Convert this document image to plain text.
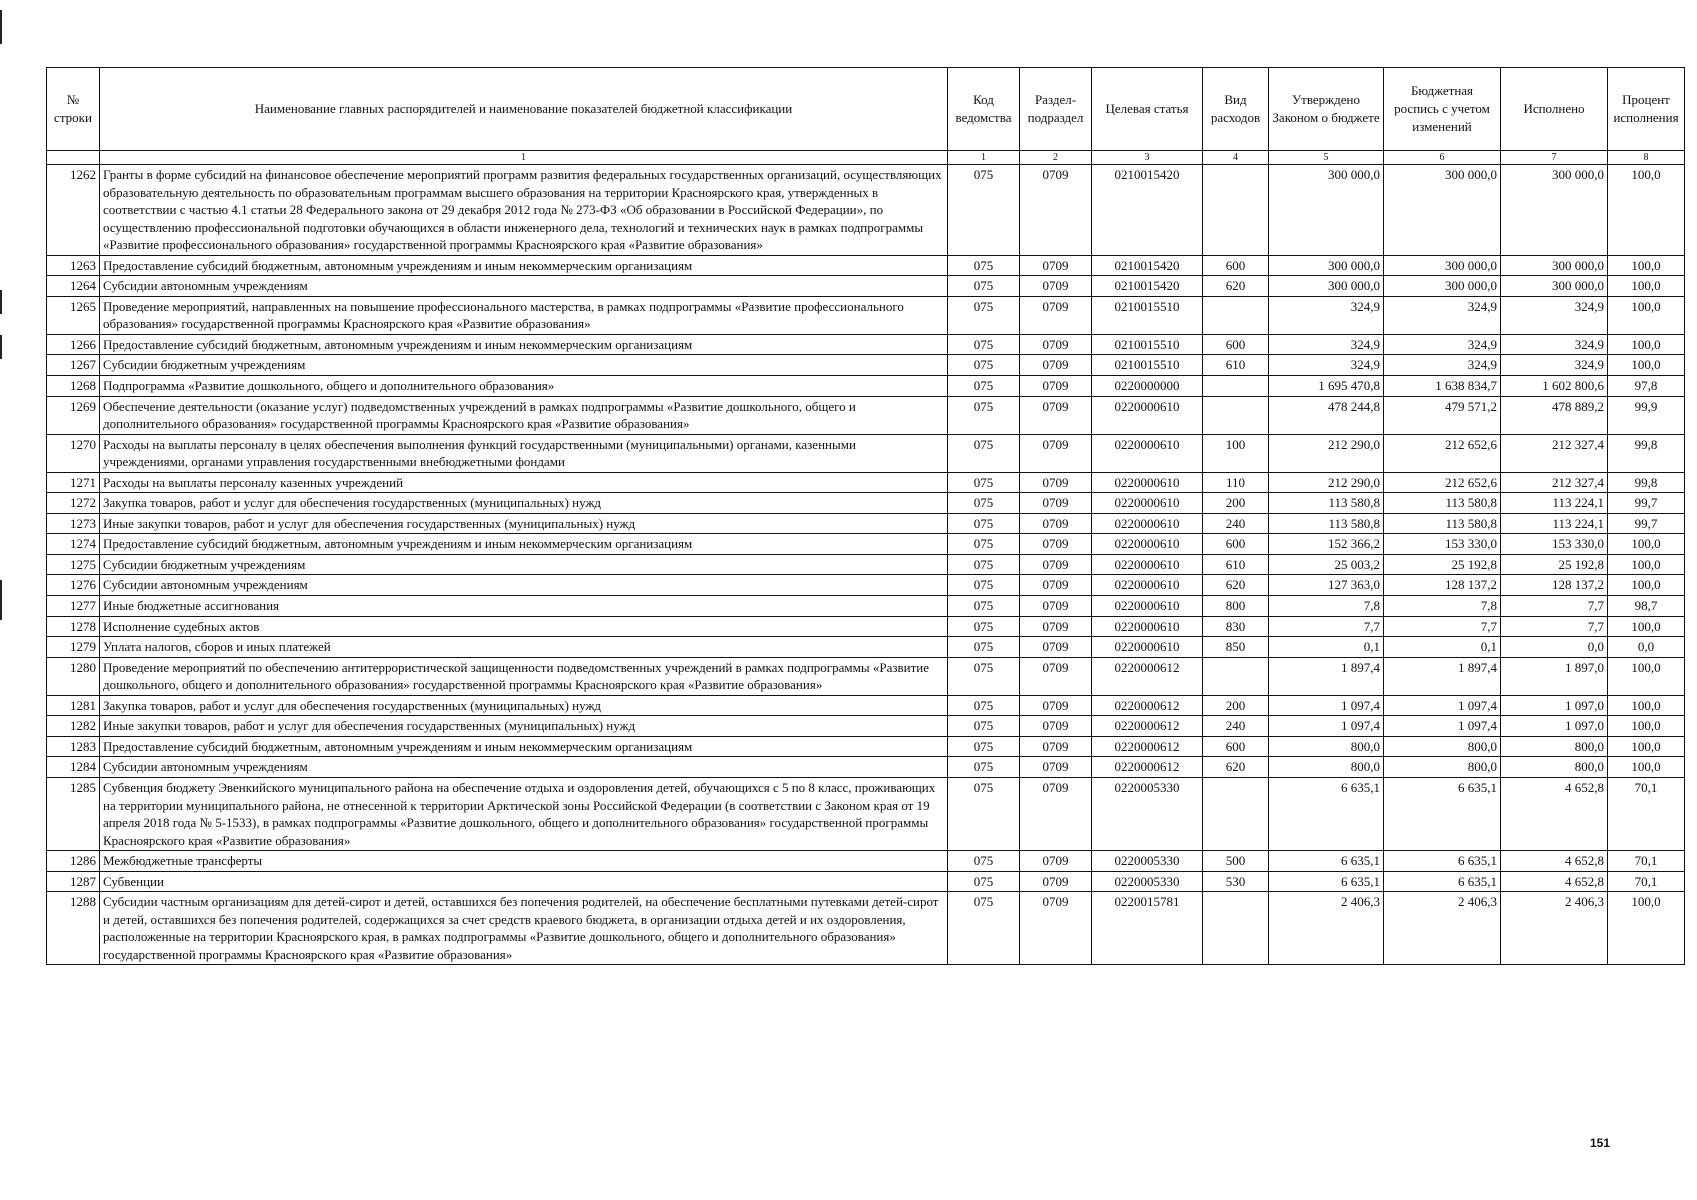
№ строки	Наименование главных распорядителей и наименование показателей бюджетной классификации	Код ведомства	Раздел-подраздел	Целевая статья	Вид расходов	Утверждено Законом о бюджете	Бюджетная роспись с учетом изменений	Исполнено	Процент исполнения
	1	1	2	3	4	5	6	7	8
1262	Гранты в форме субсидий на финансовое обеспечение мероприятий программ развития федеральных государственных организаций, осуществляющих образовательную деятельность по образовательным программам высшего образования на территории Красноярского края, утвержденных в соответствии с частью 4.1 статьи 28 Федерального закона от 29 декабря 2012 года № 273-ФЗ «Об образовании в Российской Федерации», по осуществлению профессиональной подготовки обучающихся в области инженерного дела, технологий и технических наук в рамках подпрограммы «Развитие профессионального образования» государственной программы Красноярского края «Развитие образования»	075	0709	0210015420		300 000,0	300 000,0	300 000,0	100,0
1263	Предоставление субсидий бюджетным, автономным учреждениям и иным некоммерческим организациям	075	0709	0210015420	600	300 000,0	300 000,0	300 000,0	100,0
1264	Субсидии автономным учреждениям	075	0709	0210015420	620	300 000,0	300 000,0	300 000,0	100,0
1265	Проведение мероприятий, направленных на повышение профессионального мастерства, в рамках подпрограммы «Развитие профессионального образования» государственной программы Красноярского края «Развитие образования»	075	0709	0210015510		324,9	324,9	324,9	100,0
1266	Предоставление субсидий бюджетным, автономным учреждениям и иным некоммерческим организациям	075	0709	0210015510	600	324,9	324,9	324,9	100,0
1267	Субсидии бюджетным учреждениям	075	0709	0210015510	610	324,9	324,9	324,9	100,0
1268	Подпрограмма «Развитие дошкольного, общего и дополнительного образования»	075	0709	0220000000		1 695 470,8	1 638 834,7	1 602 800,6	97,8
1269	Обеспечение деятельности (оказание услуг) подведомственных учреждений в рамках подпрограммы «Развитие дошкольного, общего и дополнительного образования» государственной программы Красноярского края «Развитие образования»	075	0709	0220000610		478 244,8	479 571,2	478 889,2	99,9
1270	Расходы на выплаты персоналу в целях обеспечения выполнения функций государственными (муниципальными) органами, казенными учреждениями, органами управления государственными внебюджетными фондами	075	0709	0220000610	100	212 290,0	212 652,6	212 327,4	99,8
1271	Расходы на выплаты персоналу казенных учреждений	075	0709	0220000610	110	212 290,0	212 652,6	212 327,4	99,8
1272	Закупка товаров, работ и услуг для обеспечения государственных (муниципальных) нужд	075	0709	0220000610	200	113 580,8	113 580,8	113 224,1	99,7
1273	Иные закупки товаров, работ и услуг для обеспечения государственных (муниципальных) нужд	075	0709	0220000610	240	113 580,8	113 580,8	113 224,1	99,7
1274	Предоставление субсидий бюджетным, автономным учреждениям и иным некоммерческим организациям	075	0709	0220000610	600	152 366,2	153 330,0	153 330,0	100,0
1275	Субсидии бюджетным учреждениям	075	0709	0220000610	610	25 003,2	25 192,8	25 192,8	100,0
1276	Субсидии автономным учреждениям	075	0709	0220000610	620	127 363,0	128 137,2	128 137,2	100,0
1277	Иные бюджетные ассигнования	075	0709	0220000610	800	7,8	7,8	7,7	98,7
1278	Исполнение судебных актов	075	0709	0220000610	830	7,7	7,7	7,7	100,0
1279	Уплата налогов, сборов и иных платежей	075	0709	0220000610	850	0,1	0,1	0,0	0,0
1280	Проведение мероприятий по обеспечению антитеррористической защищенности подведомственных учреждений в рамках подпрограммы «Развитие дошкольного, общего и дополнительного образования» государственной программы Красноярского края «Развитие образования»	075	0709	0220000612		1 897,4	1 897,4	1 897,0	100,0
1281	Закупка товаров, работ и услуг для обеспечения государственных (муниципальных) нужд	075	0709	0220000612	200	1 097,4	1 097,4	1 097,0	100,0
1282	Иные закупки товаров, работ и услуг для обеспечения государственных (муниципальных) нужд	075	0709	0220000612	240	1 097,4	1 097,4	1 097,0	100,0
1283	Предоставление субсидий бюджетным, автономным учреждениям и иным некоммерческим организациям	075	0709	0220000612	600	800,0	800,0	800,0	100,0
1284	Субсидии автономным учреждениям	075	0709	0220000612	620	800,0	800,0	800,0	100,0
1285	Субвенция бюджету Эвенкийского муниципального района на обеспечение отдыха и оздоровления детей, обучающихся с 5 по 8 класс, проживающих на территории муниципального района, не отнесенной к территории Арктической зоны Российской Федерации (в соответствии с Законом края от 19 апреля 2018 года № 5-1533), в рамках подпрограммы «Развитие дошкольного, общего и дополнительного образования» государственной программы Красноярского края «Развитие образования»	075	0709	0220005330		6 635,1	6 635,1	4 652,8	70,1
1286	Межбюджетные трансферты	075	0709	0220005330	500	6 635,1	6 635,1	4 652,8	70,1
1287	Субвенции	075	0709	0220005330	530	6 635,1	6 635,1	4 652,8	70,1
1288	Субсидии частным организациям для детей-сирот и детей, оставшихся без попечения родителей, на обеспечение бесплатными путевками детей-сирот и детей, оставшихся без попечения родителей, содержащихся за счет средств краевого бюджета, в организации отдыха детей и их оздоровления, расположенные на территории Красноярского края, в рамках подпрограммы «Развитие дошкольного, общего и дополнительного образования» государственной программы Красноярского края «Развитие образования»	075	0709	0220015781		2 406,3	2 406,3	2 406,3	100,0
151
